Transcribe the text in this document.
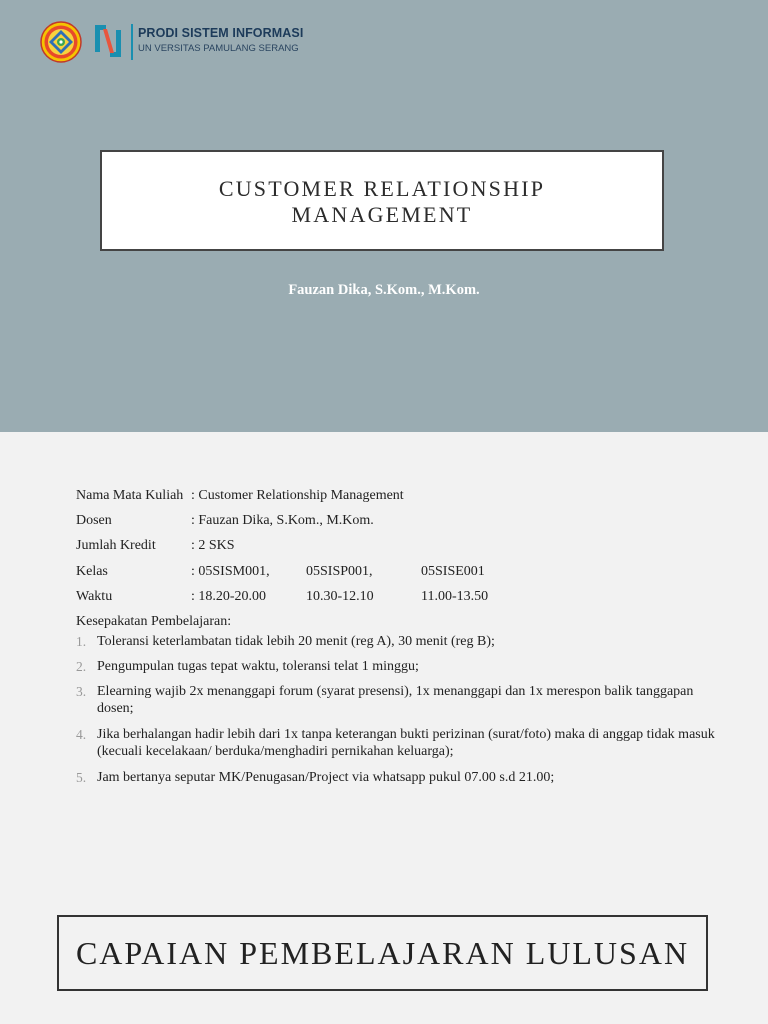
PRODI SISTEM INFORMASI
UN VERSITAS PAMULANG SERANG
CUSTOMER RELATIONSHIP MANAGEMENT
Fauzan Dika, S.Kom., M.Kom.
Nama Mata Kuliah : Customer Relationship Management
Dosen	: Fauzan Dika, S.Kom., M.Kom.
Jumlah Kredit	: 2 SKS
Kelas	: 05SISM001,	05SISP001,	05SISE001
Waktu	: 18.20-20.00	10.30-12.10	11.00-13.50
Kesepakatan Pembelajaran:
1. Toleransi keterlambatan tidak lebih 20 menit (reg A), 30 menit (reg B);
2. Pengumpulan tugas tepat waktu, toleransi telat 1 minggu;
3. Elearning wajib 2x menanggapi forum (syarat presensi), 1x menanggapi dan 1x merespon balik tanggapan dosen;
4. Jika berhalangan hadir lebih dari 1x tanpa keterangan bukti perizinan (surat/foto) maka di anggap tidak masuk (kecuali kecelakaan/ berduka/menghadiri pernikahan keluarga);
5. Jam bertanya seputar MK/Penugasan/Project via whatsapp pukul 07.00 s.d 21.00;
CAPAIAN PEMBELAJARAN LULUSAN
